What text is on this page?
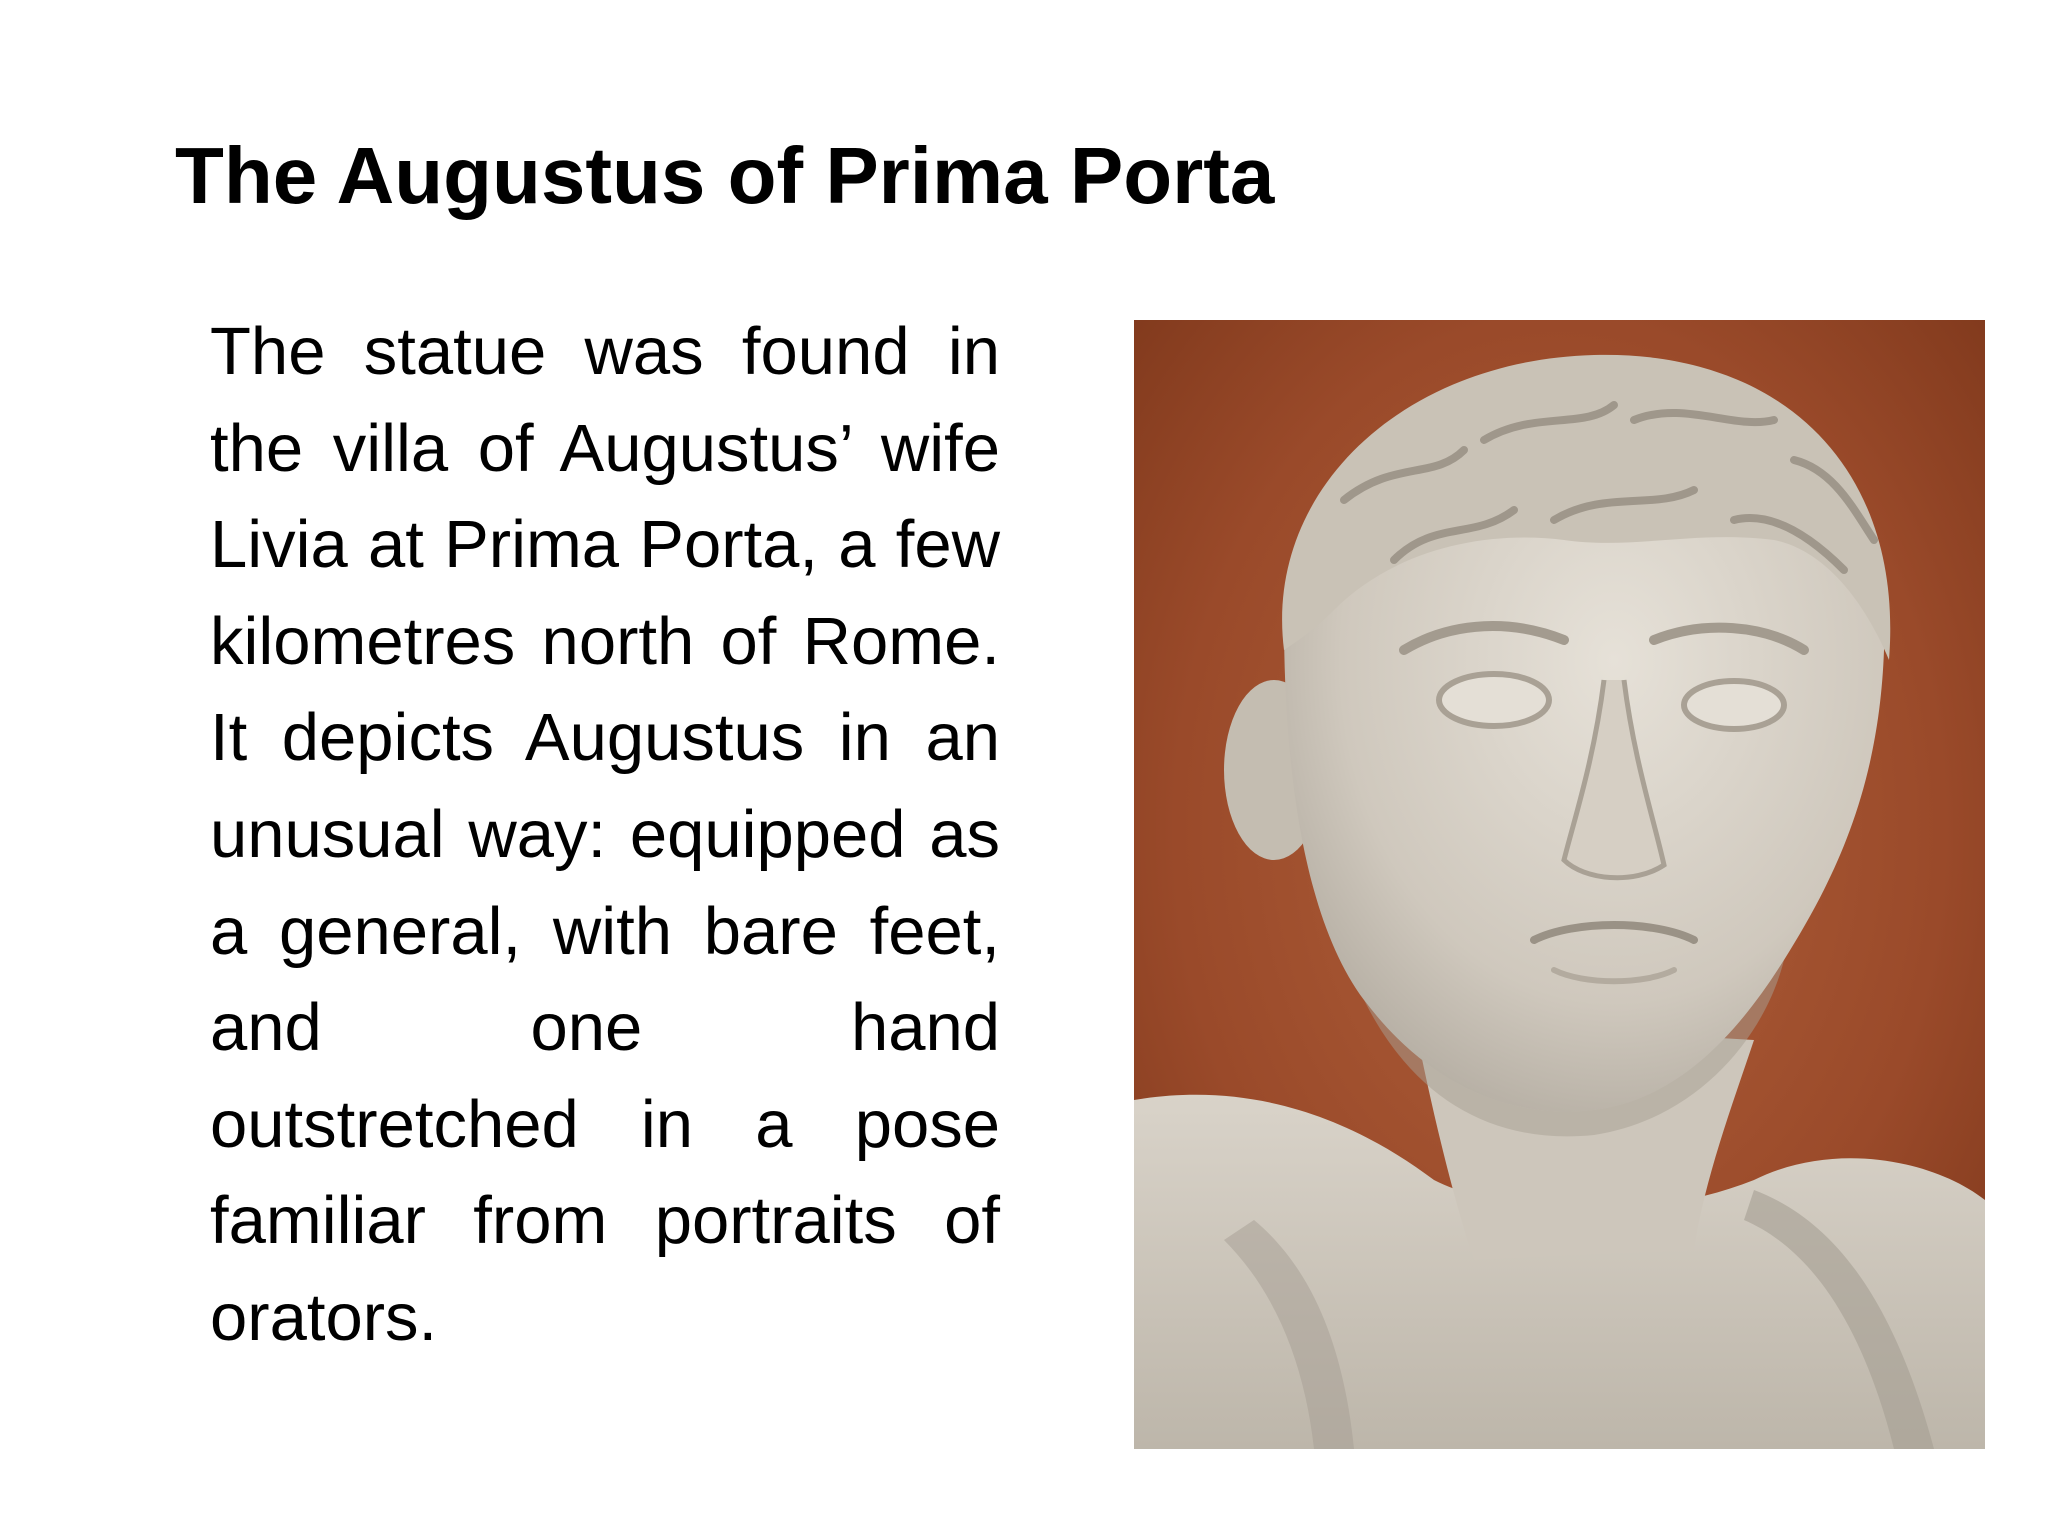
The Augustus of Prima Porta

The statue was found in the villa of Augustus’ wife Livia at Prima Porta, a few kilometres north of Rome. It depicts Augustus in an unusual way: equipped as a general, with bare feet, and one hand outstretched in a pose familiar from portraits of orators.
